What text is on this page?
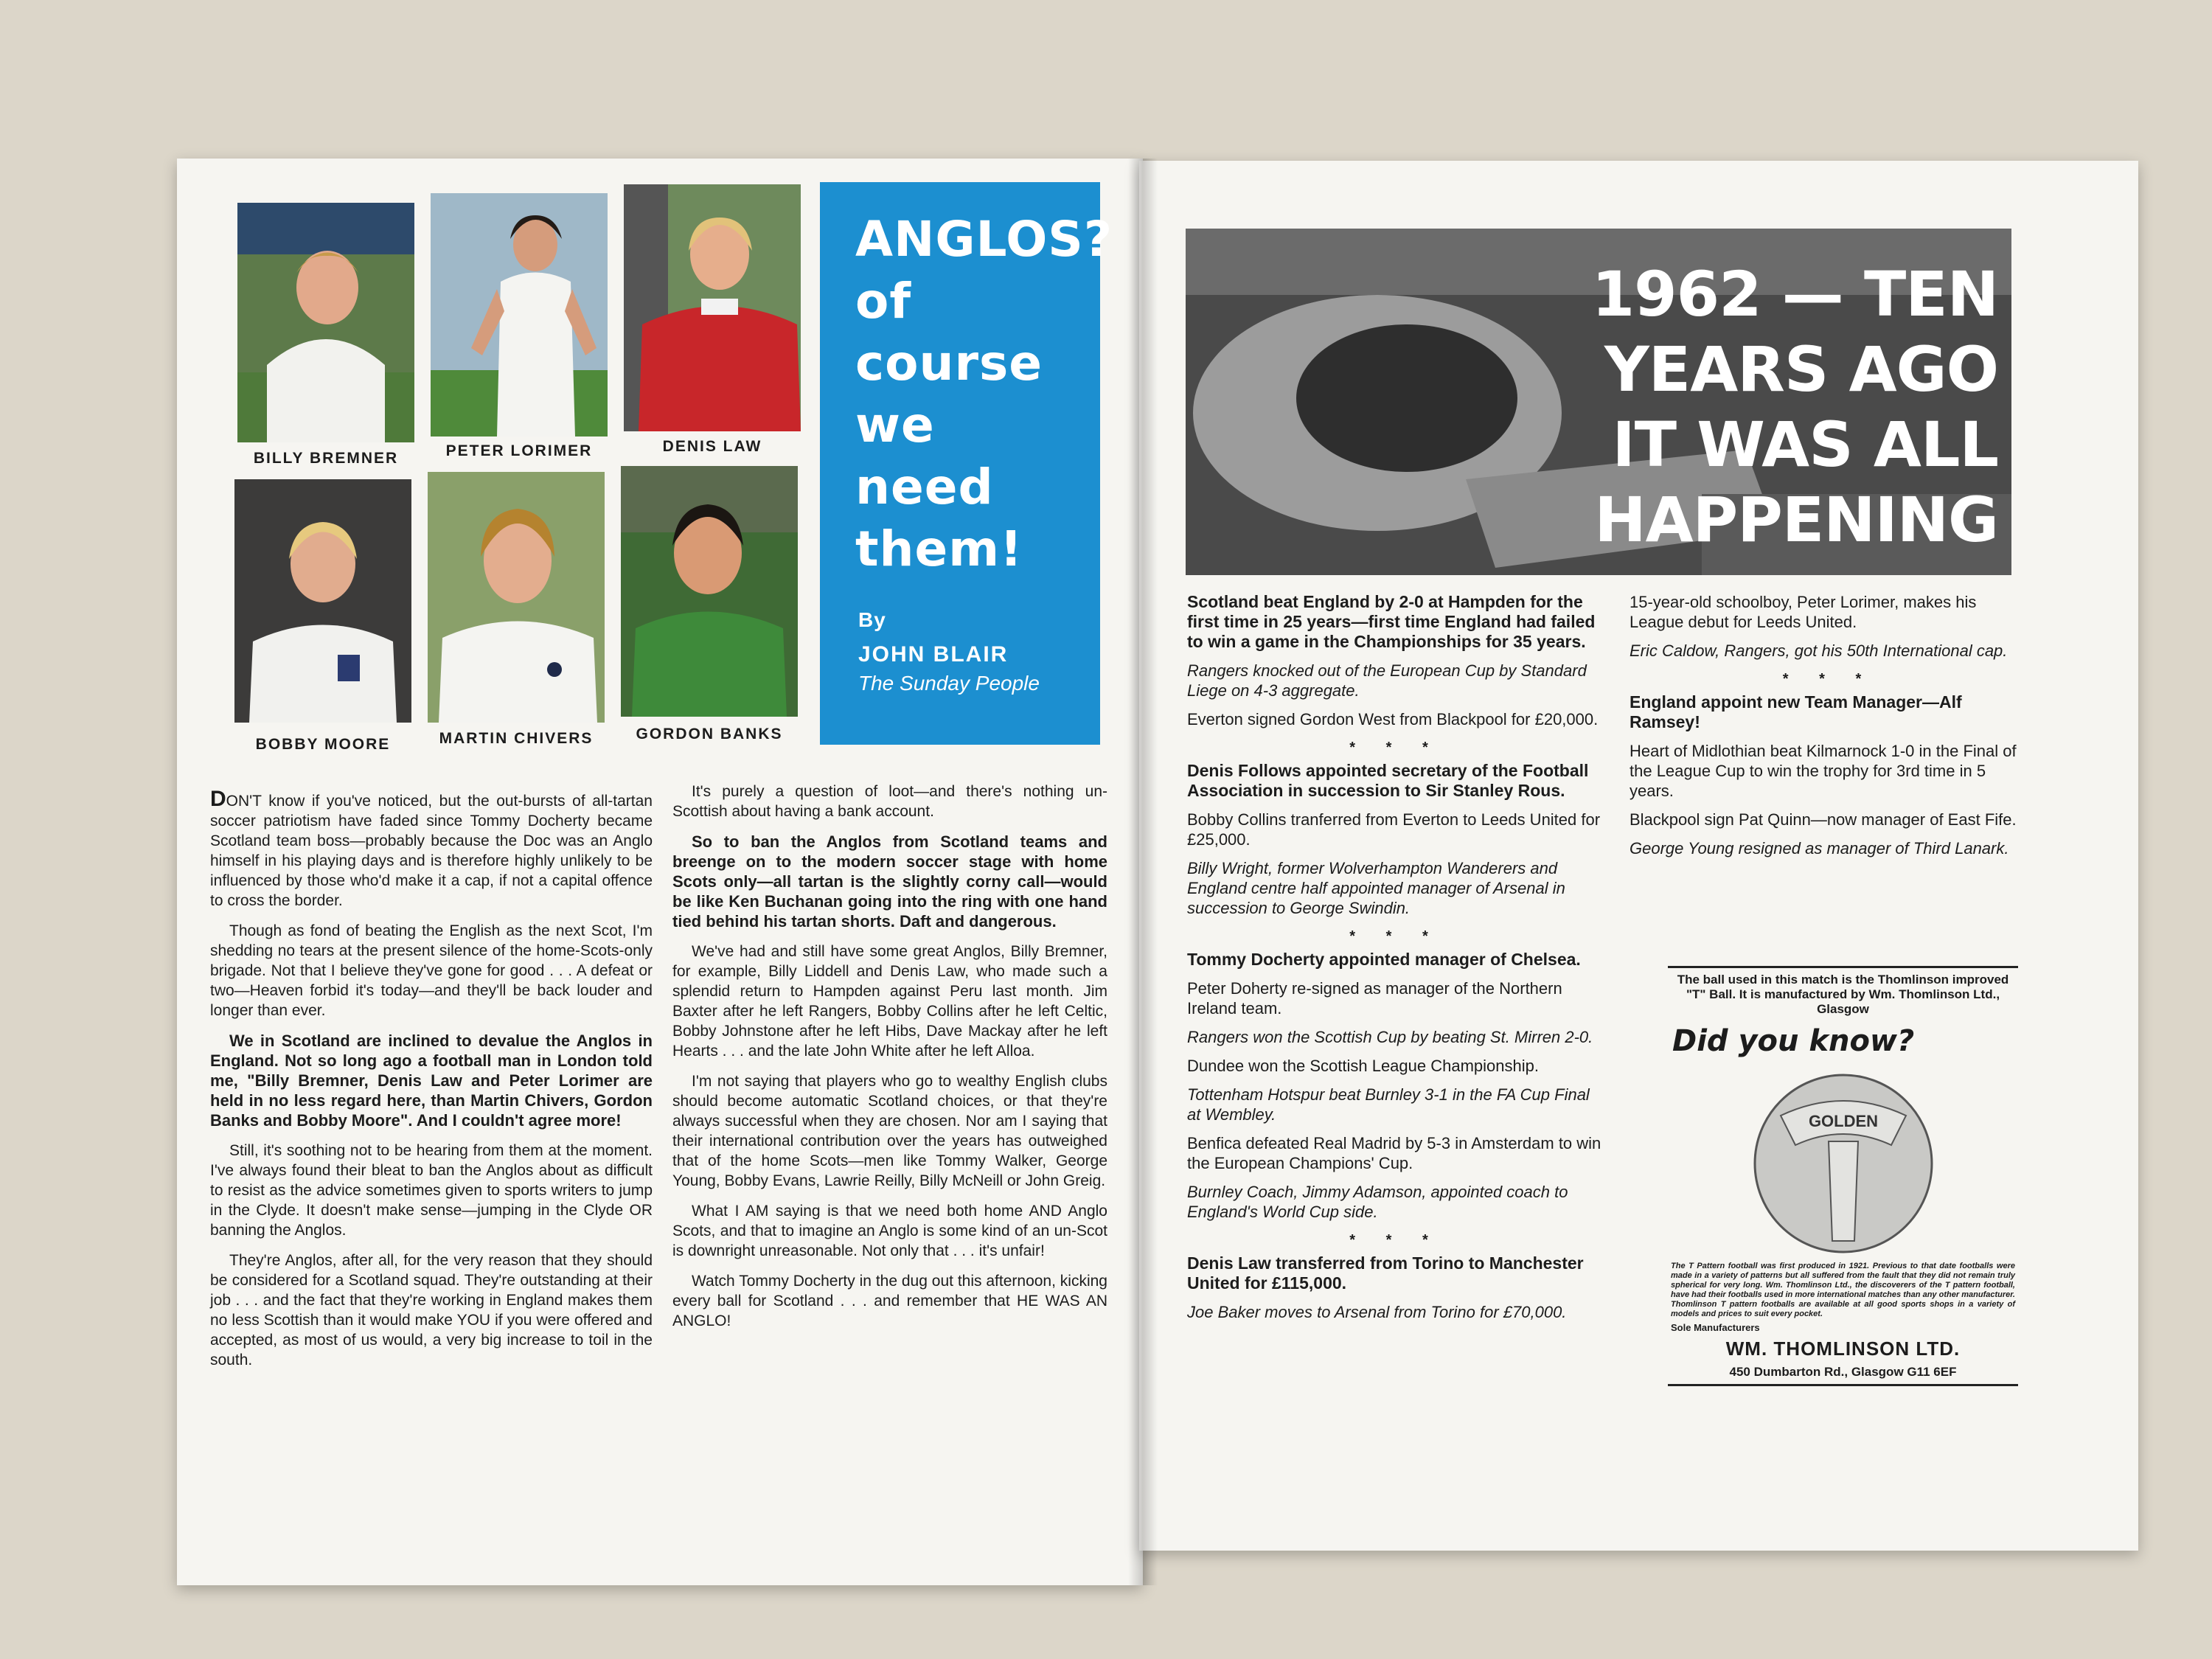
BILLY BREMNER	PETER LORIMER	DENIS LAW
BOBBY MOORE	MARTIN CHIVERS	GORDON BANKS
ANGLOS?
of
course
we
need
them!
By
JOHN BLAIR
The Sunday People

DON'T know if you've noticed, but the out-bursts of all-tartan soccer patriotism have faded since Tommy Docherty became Scotland team boss—probably because the Doc was an Anglo himself in his playing days and is therefore highly unlikely to be influenced by those who'd make it a cap, if not a capital offence to cross the border.

Though as fond of beating the English as the next Scot, I'm shedding no tears at the present silence of the home-Scots-only brigade. Not that I believe they've gone for good . . . A defeat or two—Heaven forbid it's today—and they'll be back louder and longer than ever.

We in Scotland are inclined to devalue the Anglos in England. Not so long ago a football man in London told me, "Billy Bremner, Denis Law and Peter Lorimer are held in no less regard here, than Martin Chivers, Gordon Banks and Bobby Moore". And I couldn't agree more!

Still, it's soothing not to be hearing from them at the moment. I've always found their bleat to ban the Anglos about as difficult to resist as the advice sometimes given to sports writers to jump in the Clyde. It doesn't make sense—jumping in the Clyde OR banning the Anglos.

They're Anglos, after all, for the very reason that they should be considered for a Scotland squad. They're outstanding at their job . . . and the fact that they're working in England makes them no less Scottish than it would make YOU if you were offered and accepted, as most of us would, a very big increase to toil in the south.

It's purely a question of loot—and there's nothing un-Scottish about having a bank account.

So to ban the Anglos from Scotland teams and breenge on to the modern soccer stage with home Scots only—all tartan is the slightly corny call—would be like Ken Buchanan going into the ring with one hand tied behind his tartan shorts. Daft and dangerous.

We've had and still have some great Anglos, Billy Bremner, for example, Billy Liddell and Denis Law, who made such a splendid return to Hampden against Peru last month. Jim Baxter after he left Rangers, Bobby Collins after he left Celtic, Bobby Johnstone after he left Hibs, Dave Mackay after he left Hearts . . . and the late John White after he left Alloa.

I'm not saying that players who go to wealthy English clubs should become automatic Scotland choices, or that they're always successful when they are chosen. Nor am I saying that their international contribution over the years has outweighed that of the home Scots—men like Tommy Walker, George Young, Bobby Evans, Lawrie Reilly, Billy McNeill or John Greig.

What I AM saying is that we need both home AND Anglo Scots, and that to imagine an Anglo is some kind of an un-Scot is downright unreasonable. Not only that . . . it's unfair!

Watch Tommy Docherty in the dug out this afternoon, kicking every ball for Scotland . . . and remember that HE WAS AN ANGLO!

1962 — TEN YEARS AGO
IT WAS ALL HAPPENING
Scotland beat England by 2-0 at Hampden for the first time in 25 years—first time England had failed to win a game in the Championships for 35 years.
Rangers knocked out of the European Cup by Standard Liege on 4-3 aggregate.
Everton signed Gordon West from Blackpool for £20,000.
* * *
Denis Follows appointed secretary of the Football Association in succession to Sir Stanley Rous.
Bobby Collins tranferred from Everton to Leeds United for £25,000.
Billy Wright, former Wolverhampton Wanderers and England centre half appointed manager of Arsenal in succession to George Swindin.
* * *
Tommy Docherty appointed manager of Chelsea.
Peter Doherty re-signed as manager of the Northern Ireland team.
Rangers won the Scottish Cup by beating St. Mirren 2-0.
Dundee won the Scottish League Championship.
Tottenham Hotspur beat Burnley 3-1 in the FA Cup Final at Wembley.
Benfica defeated Real Madrid by 5-3 in Amsterdam to win the European Champions' Cup.
Burnley Coach, Jimmy Adamson, appointed coach to England's World Cup side.
* * *
Denis Law transferred from Torino to Manchester United for £115,000.
Joe Baker moves to Arsenal from Torino for £70,000.
15-year-old schoolboy, Peter Lorimer, makes his League debut for Leeds United.
Eric Caldow, Rangers, got his 50th International cap.
* * *
England appoint new Team Manager—Alf Ramsey!
Heart of Midlothian beat Kilmarnock 1-0 in the Final of the League Cup to win the trophy for 3rd time in 5 years.
Blackpool sign Pat Quinn—now manager of East Fife.
George Young resigned as manager of Third Lanark.
The ball used in this match is the Thomlinson improved "T" Ball. It is manufactured by Wm. Thomlinson Ltd., Glasgow
Did you know?
GOLDEN
The T Pattern football was first produced in 1921. Previous to that date footballs were made in a variety of patterns but all suffered from the fault that they did not remain truly spherical for very long. Wm. Thomlinson Ltd., the discoverers of the T pattern football, have had their footballs used in more international matches than any other manufacturer. Thomlinson T pattern footballs are available at all good sports shops in a variety of models and prices to suit every pocket.
Sole Manufacturers
WM. THOMLINSON LTD.
450 Dumbarton Rd., Glasgow G11 6EF
